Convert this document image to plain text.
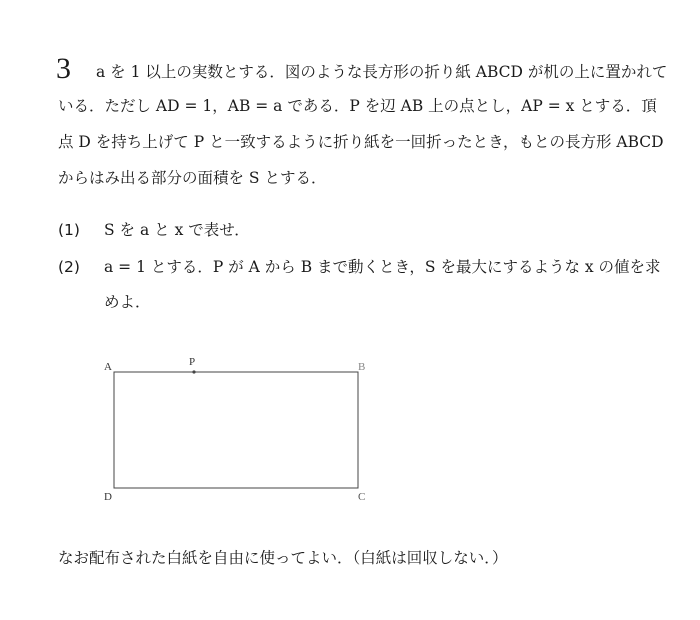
3 a を 1 以上の実数とする．図のような長方形の折り紙 ABCD が机の上に置かれて
いる．ただし AD = 1，AB = a である．P を辺 AB 上の点とし，AP = x とする．頂
点 D を持ち上げて P と一致するように折り紙を一回折ったとき，もとの長方形 ABCD
からはみ出る部分の面積を S とする．
(1) S を a と x で表せ．
(2) a = 1 とする．P が A から B まで動くとき，S を最大にするような x の値を求
めよ．
A	P	B
D	C
なお配布された白紙を自由に使ってよい．（白紙は回収しない．）
